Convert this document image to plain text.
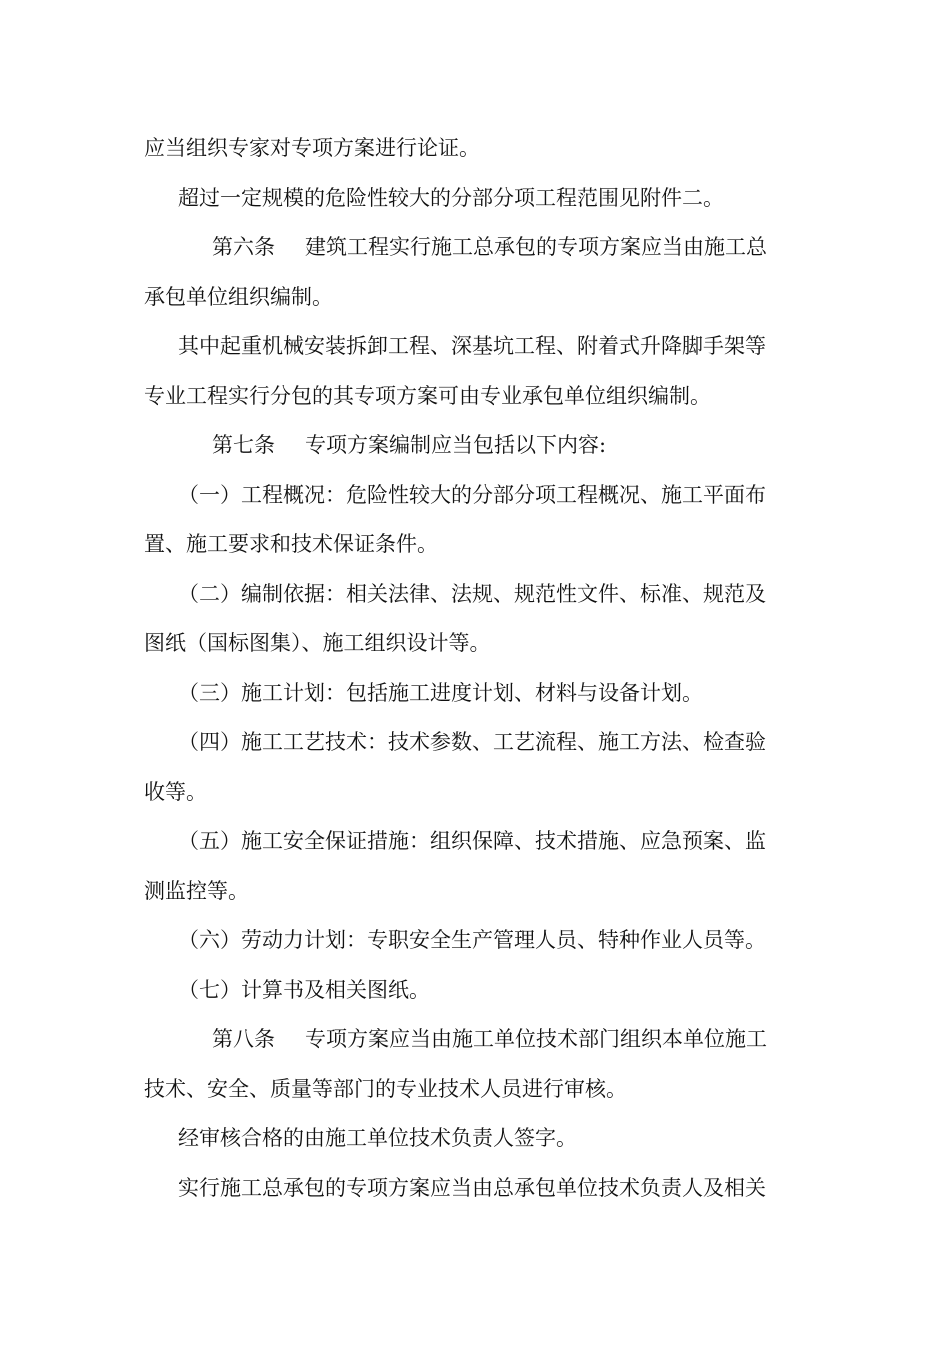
应当组织专家对专项方案进行论证。

超过一定规模的危险性较大的分部分项工程范围见附件二。

第六条 建筑工程实行施工总承包的专项方案应当由施工总承包单位组织编制。

其中起重机械安装拆卸工程、深基坑工程、附着式升降脚手架等专业工程实行分包的其专项方案可由专业承包单位组织编制。

第七条 专项方案编制应当包括以下内容:

（一）工程概况：危险性较大的分部分项工程概况、施工平面布置、施工要求和技术保证条件。

（二）编制依据：相关法律、法规、规范性文件、标准、规范及图纸（国标图集）、施工组织设计等。

（三）施工计划：包括施工进度计划、材料与设备计划。

（四）施工工艺技术：技术参数、工艺流程、施工方法、检查验收等。

（五）施工安全保证措施：组织保障、技术措施、应急预案、监测监控等。

（六）劳动力计划：专职安全生产管理人员、特种作业人员等。

（七）计算书及相关图纸。

第八条 专项方案应当由施工单位技术部门组织本单位施工技术、安全、质量等部门的专业技术人员进行审核。

经审核合格的由施工单位技术负责人签字。

实行施工总承包的专项方案应当由总承包单位技术负责人及相关
